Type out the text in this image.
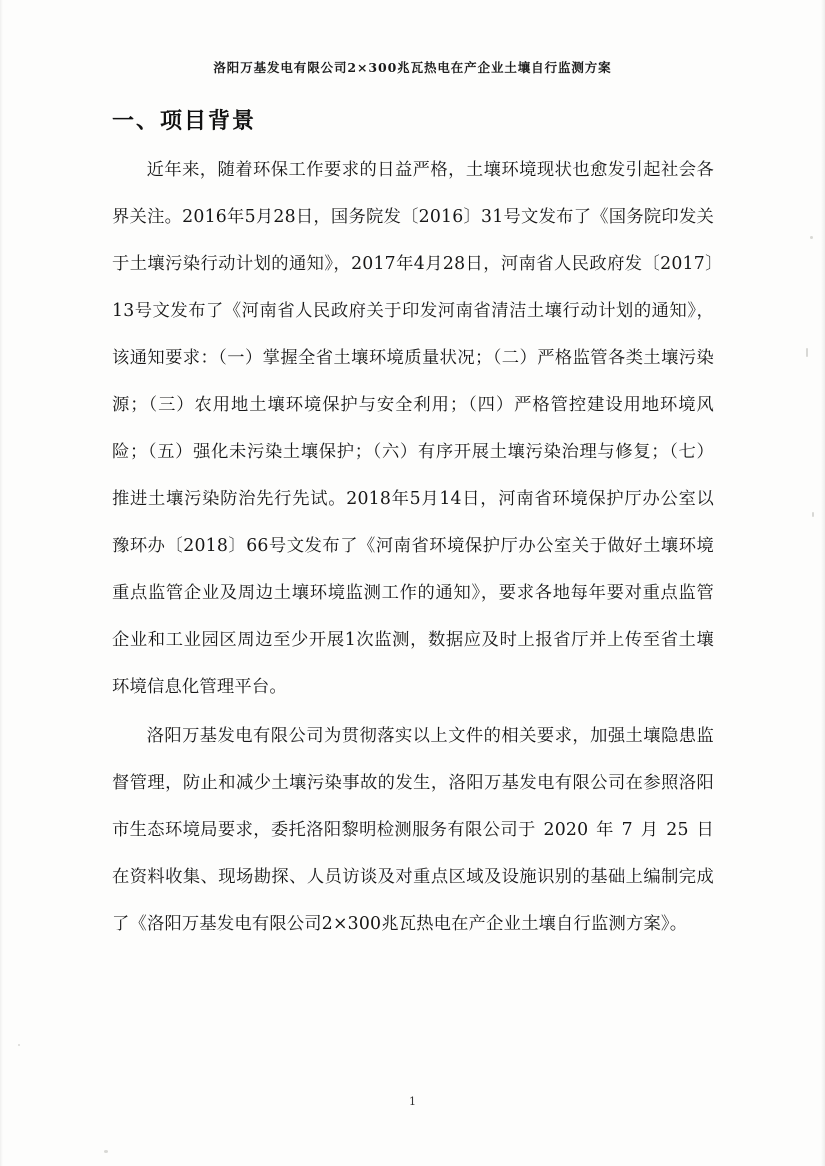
洛阳万基发电有限公司2×300兆瓦热电在产企业土壤自行监测方案
一、项目背景

近年来，随着环保工作要求的日益严格，土壤环境现状也愈发引起社会各界关注。2016年5月28日，国务院发〔2016〕31号文发布了《国务院印发关于土壤污染行动计划的通知》，2017年4月28日，河南省人民政府发〔2017〕13号文发布了《河南省人民政府关于印发河南省清洁土壤行动计划的通知》，该通知要求：（一）掌握全省土壤环境质量状况；（二）严格监管各类土壤污染源；（三）农用地土壤环境保护与安全利用；（四）严格管控建设用地环境风险；（五）强化未污染土壤保护；（六）有序开展土壤污染治理与修复；（七）推进土壤污染防治先行先试。2018年5月14日，河南省环境保护厅办公室以豫环办〔2018〕66号文发布了《河南省环境保护厅办公室关于做好土壤环境重点监管企业及周边土壤环境监测工作的通知》，要求各地每年要对重点监管企业和工业园区周边至少开展1次监测，数据应及时上报省厅并上传至省土壤环境信息化管理平台。

洛阳万基发电有限公司为贯彻落实以上文件的相关要求，加强土壤隐患监督管理，防止和减少土壤污染事故的发生，洛阳万基发电有限公司在参照洛阳市生态环境局要求，委托洛阳黎明检测服务有限公司于 2020 年 7 月 25 日在资料收集、现场勘探、人员访谈及对重点区域及设施识别的基础上编制完成了《洛阳万基发电有限公司2×300兆瓦热电在产企业土壤自行监测方案》。

1
